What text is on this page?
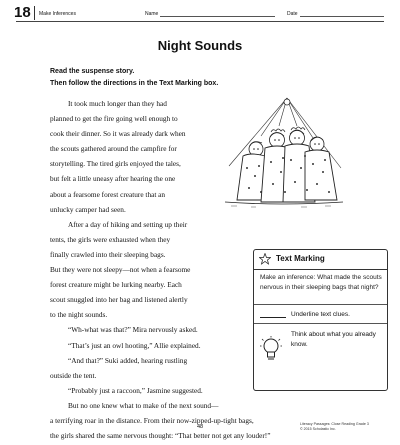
18 Make Inferences	Name	Date
Night Sounds
Read the suspense story.
Then follow the directions in the Text Marking box.

It took much longer than they had

planned to get the fire going well enough to

cook their dinner. So it was already dark when

the scouts gathered around the campfire for

storytelling. The tired girls enjoyed the tales,

but felt a little uneasy after hearing the one

about a fearsome forest creature that an

unlucky camper had seen.

After a day of hiking and setting up their

tents, the girls were exhausted when they

finally crawled into their sleeping bags.

But they were not sleepy—not when a fearsome

forest creature might be lurking nearby. Each

scout snuggled into her bag and listened alertly

to the night sounds.

“Wh-what was that?” Mira nervously asked.

“That’s just an owl hooting,” Allie explained.

“And that?” Suki added, hearing rustling

outside the tent.

“Probably just a raccoon,” Jasmine suggested.

But no one knew what to make of the next sound—

a terrifying roar in the distance. From their now-zipped-up-tight bags,

the girls shared the same nervous thought: “That better not get any louder!”

Text Marking
Make an inference: What made the scouts nervous in their sleeping bags that night?
Underline text clues.
Think about what you already know.
48	Literacy Passages: Close Reading Grade 3
© 2015 Scholastic Inc.
